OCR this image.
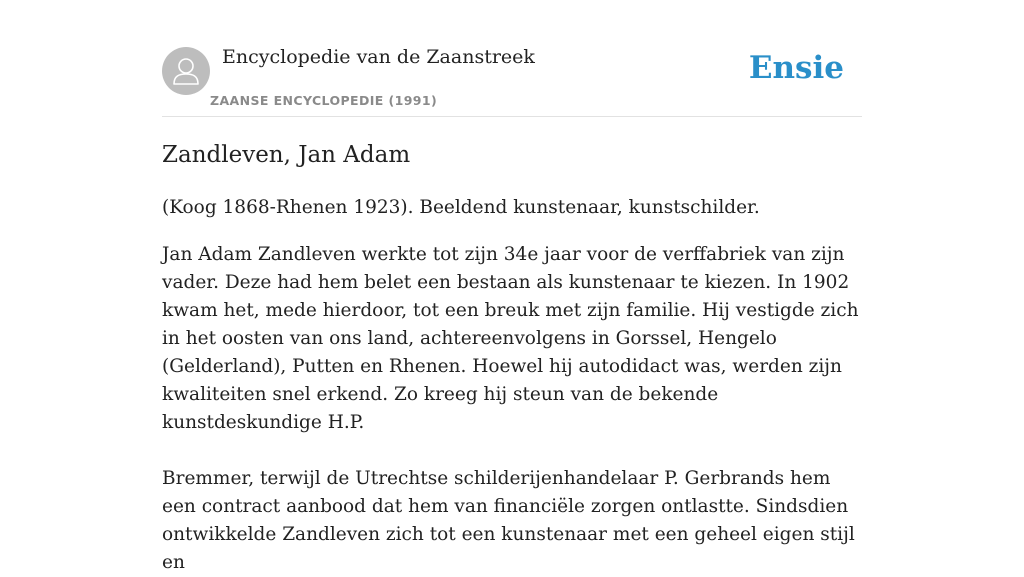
Encyclopedie van de Zaanstreek
ZAANSE ENCYCLOPEDIE (1991)
Ensie
Zandleven, Jan Adam

(Koog 1868-Rhenen 1923). Beeldend kunstenaar, kunstschilder.

Jan Adam Zandleven werkte tot zijn 34e jaar voor de verffabriek van zijn vader. Deze had hem belet een bestaan als kunstenaar te kiezen. In 1902 kwam het, mede hierdoor, tot een breuk met zijn familie. Hij vestigde zich in het oosten van ons land, achtereenvolgens in Gorssel, Hengelo (Gelderland), Putten en Rhenen. Hoewel hij autodidact was, werden zijn kwaliteiten snel erkend. Zo kreeg hij steun van de bekende kunstdeskundige H.P.

Bremmer, terwijl de Utrechtse schilderijenhandelaar P. Gerbrands hem een contract aanbood dat hem van financiële zorgen ontlastte. Sindsdien ontwikkelde Zandleven zich tot een kunstenaar met een geheel eigen stijl en
